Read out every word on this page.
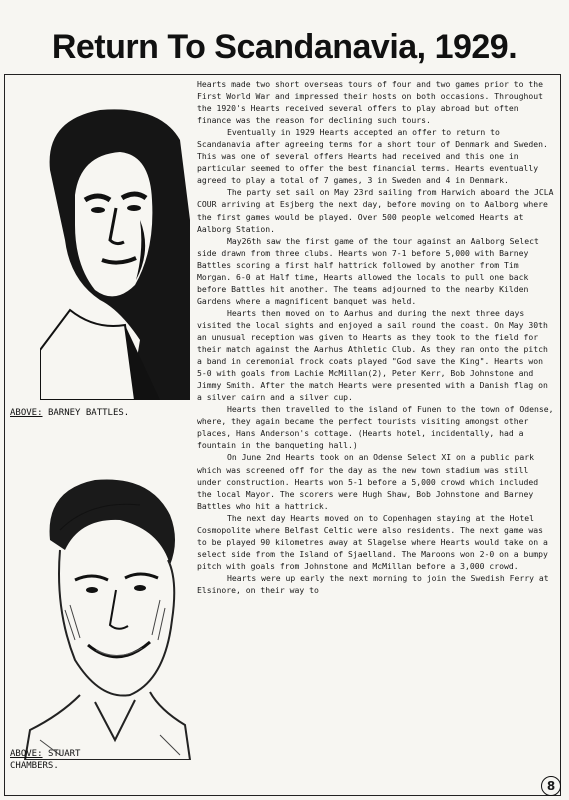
Return To Scandanavia, 1929.
ABOVE: BARNEY BATTLES.
ABOVE: STUART
CHAMBERS.

Hearts made two short overseas tours of four and two games prior to the First World War and impressed their hosts on both occasions. Throughout the 1920's Hearts received several offers to play abroad but often finance was the reason for declining such tours.

Eventually in 1929 Hearts accepted an offer to return to Scandanavia after agreeing terms for a short tour of Denmark and Sweden. This was one of several offers Hearts had received and this one in particular seemed to offer the best financial terms. Hearts eventually agreed to play a total of 7 games, 3 in Sweden and 4 in Denmark.

The party set sail on May 23rd sailing from Harwich aboard the JCLA COUR arriving at Esjberg the next day, before moving on to Aalborg where the first games would be played. Over 500 people welcomed Hearts at Aalborg Station.

May26th saw the first game of the tour against an Aalborg Select side drawn from three clubs. Hearts won 7-1 before 5,000 with Barney Battles scoring a first half hattrick followed by another from Tim Morgan. 6-0 at Half time, Hearts allowed the locals to pull one back before Battles hit another. The teams adjourned to the nearby Kilden Gardens where a magnificent banquet was held.

Hearts then moved on to Aarhus and during the next three days visited the local sights and enjoyed a sail round the coast. On May 30th an unusual reception was given to Hearts as they took to the field for their match against the Aarhus Athletic Club. As they ran onto the pitch a band in ceremonial frock coats played "God save the King". Hearts won 5-0 with goals from Lachie McMillan(2), Peter Kerr, Bob Johnstone and Jimmy Smith. After the match Hearts were presented with a Danish flag on a silver cairn and a silver cup.

Hearts then travelled to the island of Funen to the town of Odense, where, they again became the perfect tourists visiting amongst other places, Hans Anderson's cottage. (Hearts hotel, incidentally, had a fountain in the banqueting hall.)

On June 2nd Hearts took on an Odense Select XI on a public park which was screened off for the day as the new town stadium was still under construction. Hearts won 5-1 before a 5,000 crowd which included the local Mayor. The scorers were Hugh Shaw, Bob Johnstone and Barney Battles who hit a hattrick.

The next day Hearts moved on to Copenhagen staying at the Hotel Cosmopolite where Belfast Celtic were also residents. The next game was to be played 90 kilometres away at Slagelse where Hearts would take on a select side from the Island of Sjaelland. The Maroons won 2-0 on a bumpy pitch with goals from Johnstone and McMillan before a 3,000 crowd.

Hearts were up early the next morning to join the Swedish Ferry at Elsinore, on their way to

8
